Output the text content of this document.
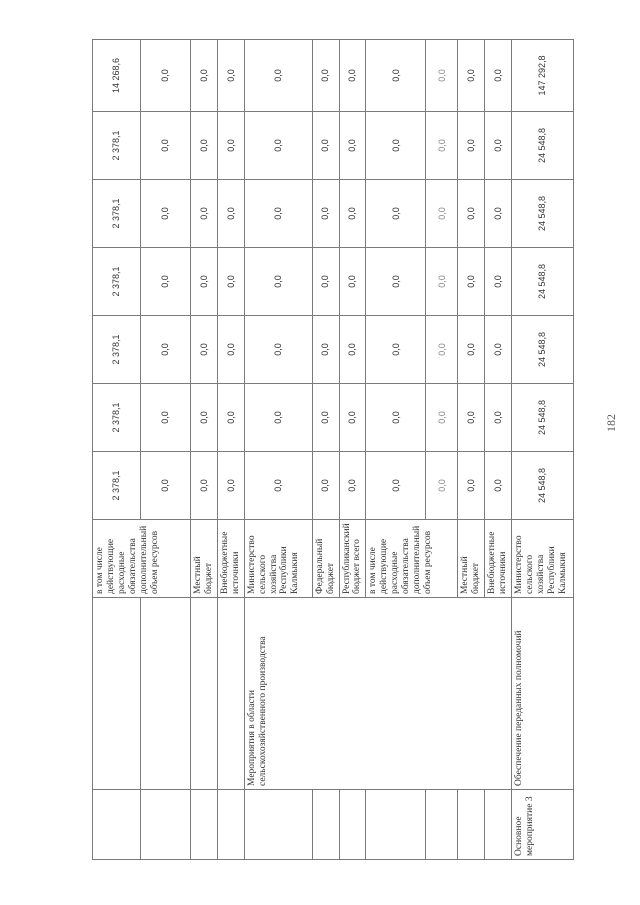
182
		в том числе действующие расходные обязательства дополнительный объем ресурсов	2 378,1	2 378,1	2 378,1	2 378,1	2 378,1	2 378,1	14 268,6
			0,0	0,0	0,0	0,0	0,0	0,0	0,0
		Местный бюджет	0,0	0,0	0,0	0,0	0,0	0,0	0,0
		Внебюджетные источники	0,0	0,0	0,0	0,0	0,0	0,0	0,0
	Мероприятия в области сельскохозяйственного производства	Министерство сельского хозяйства Республики Калмыкия	0,0	0,0	0,0	0,0	0,0	0,0	0,0
		Федеральный бюджет	0,0	0,0	0,0	0,0	0,0	0,0	0,0
		Республиканский бюджет всего	0,0	0,0	0,0	0,0	0,0	0,0	0,0
		в том числе действующие расходные обязательства дополнительный объем ресурсов	0,0	0,0	0,0	0,0	0,0	0,0	0,0
			0,0	0,0	0,0	0,0	0,0	0,0	0,0
		Местный бюджет	0,0	0,0	0,0	0,0	0,0	0,0	0,0
		Внебюджетные источники	0,0	0,0	0,0	0,0	0,0	0,0	0,0
Основное мероприятие 3	Обеспечение переданных полномочий	Министерство сельского хозяйства Республики Калмыкия	24 548,8	24 548,8	24 548,8	24 548,8	24 548,8	24 548,8	147 292,8
